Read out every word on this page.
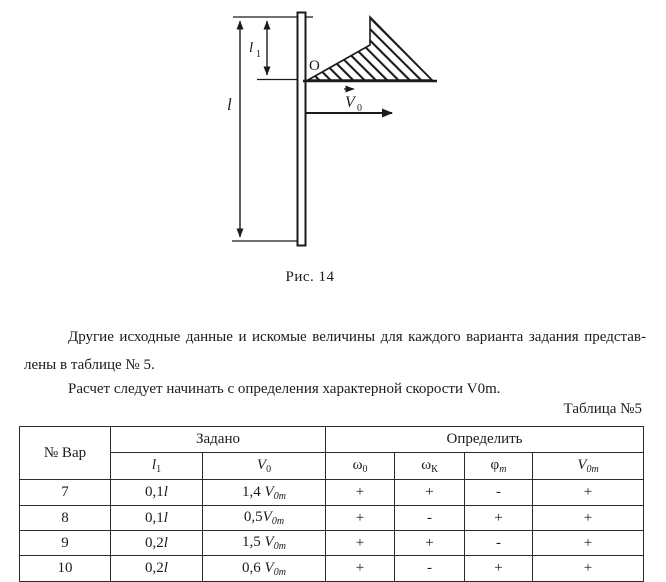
l
l 1
O
V 0
Рис. 14
Другие исходные данные и искомые величины для каждого варианта задания представ-
лены в таблице № 5.
Расчет следует начинать с определения характерной скорости V0m.
Таблица №5
№ Вар	Задано		Определить			
	$l_1$	$V_0$	$\omega_0$	$\omega_К$	$\varphi_m$	$V_{0m}$
7	0,1l	1,4 $V_{0m}$	+	+	-	+
8	0,1l	$0,5V_{0m}$	+	-	+	+
9	0,2l	1,5 $V_{0m}$	+	+	-	+
10	0,2l	0,6 $V_{0m}$	+	-	+	+
